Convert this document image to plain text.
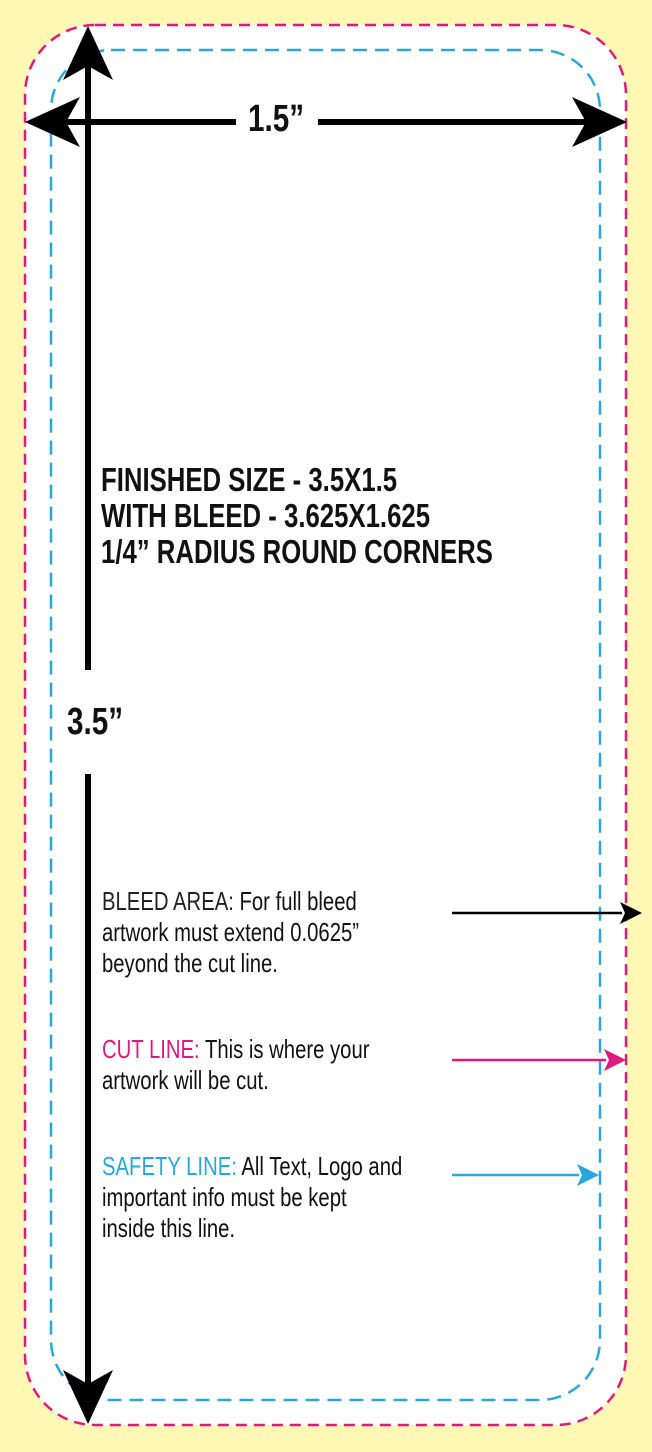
1.5”
3.5”
FINISHED SIZE - 3.5X1.5
WITH BLEED - 3.625X1.625
1/4” RADIUS ROUND CORNERS
BLEED AREA: For full bleed
artwork must extend 0.0625”
beyond the cut line.
CUT LINE: This is where your
artwork will be cut.
SAFETY LINE: All Text, Logo and
important info must be kept
inside this line.
